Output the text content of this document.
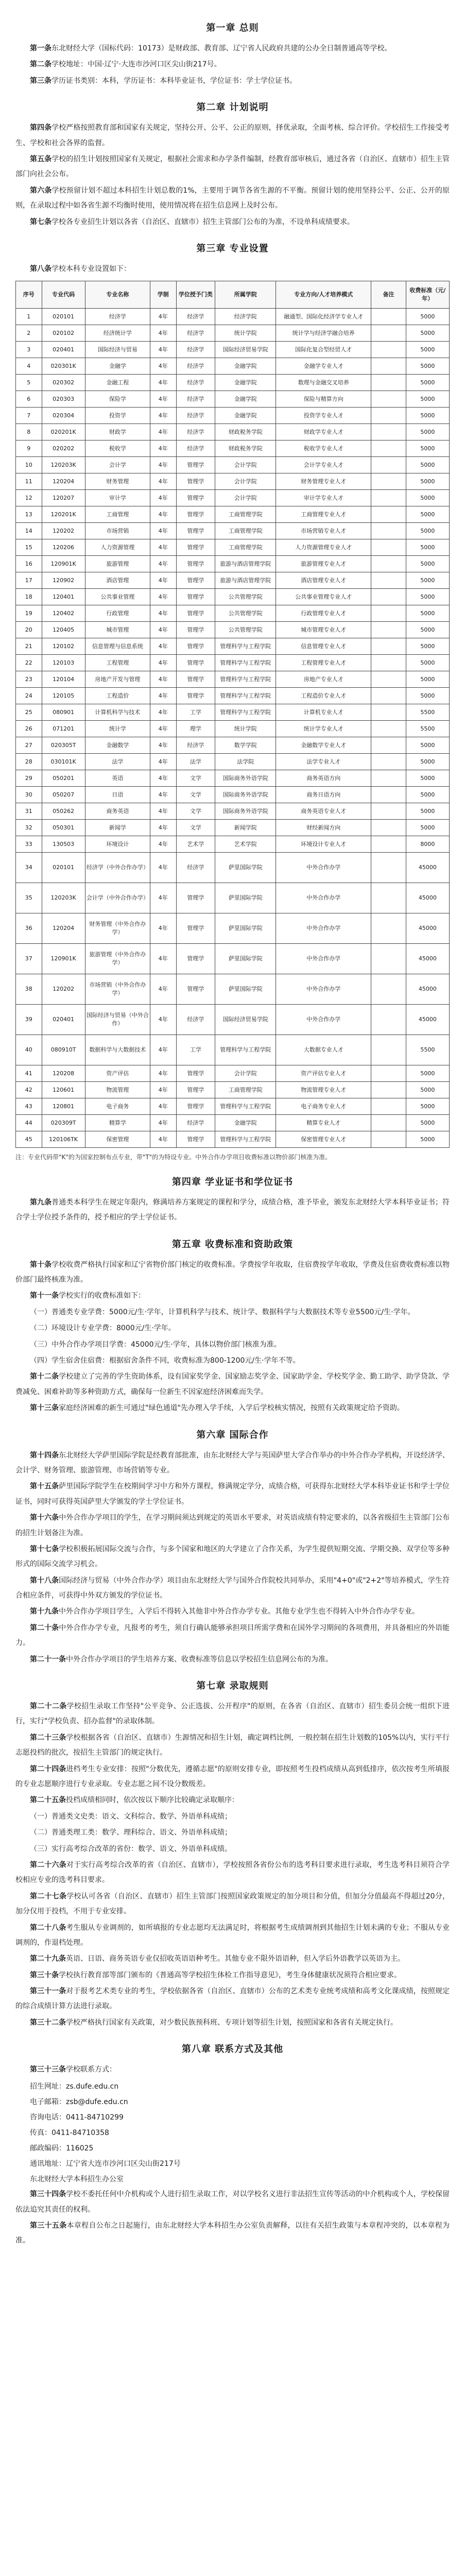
第一章 总则

第一条东北财经大学（国标代码：10173）是财政部、教育部、辽宁省人民政府共建的公办全日制普通高等学校。

第二条学校地址：中国·辽宁·大连市沙河口区尖山街217号。

第三条学历证书类别：本科，学历证书：本科毕业证书，学位证书：学士学位证书。

第二章 计划说明

第四条学校严格按照教育部和国家有关规定，坚持公开、公平、公正的原则，择优录取，全面考核、综合评价。学校招生工作接受考生、学校和社会各界的监督。

第五条学校的招生计划按照国家有关规定，根据社会需求和办学条件编制，经教育部审核后，通过各省（自治区、直辖市）招生主管部门向社会公布。

第六条学校预留计划不超过本科招生计划总数的1%，主要用于调节各省生源的不平衡。预留计划的使用坚持公平、公正、公开的原则，在录取过程中如各省生源不均衡时使用，使用情况将在招生信息网上及时公布。

第七条学校各专业招生计划以各省（自治区、直辖市）招生主管部门公布的为准，不设单科成绩要求。

第三章 专业设置

第八条学校本科专业设置如下：

序号	专业代码	专业名称	学制	学位授予门类	所属学院	专业方向/人才培养模式	备注	收费标准（元/年）
1	020101	经济学	4年	经济学	经济学院	融通型、国际化经济学专业人才		5000
2	020102	经济统计学	4年	经济学	统计学院	统计学与经济学融合培养		5000
3	020401	国际经济与贸易	4年	经济学	国际经济贸易学院	国际化复合型经贸人才		5000
4	020301K	金融学	4年	经济学	金融学院	金融学专业人才		5000
5	020302	金融工程	4年	经济学	金融学院	数理与金融交叉培养		5000
6	020303	保险学	4年	经济学	金融学院	保险与精算方向		5000
7	020304	投资学	4年	经济学	金融学院	投资学专业人才		5000
8	020201K	财政学	4年	经济学	财政税务学院	财政学专业人才		5000
9	020202	税收学	4年	经济学	财政税务学院	税收学专业人才		5000
10	120203K	会计学	4年	管理学	会计学院	会计学专业人才		5000
11	120204	财务管理	4年	管理学	会计学院	财务管理专业人才		5000
12	120207	审计学	4年	管理学	会计学院	审计学专业人才		5000
13	120201K	工商管理	4年	管理学	工商管理学院	工商管理专业人才		5000
14	120202	市场营销	4年	管理学	工商管理学院	市场营销专业人才		5000
15	120206	人力资源管理	4年	管理学	工商管理学院	人力资源管理专业人才		5000
16	120901K	旅游管理	4年	管理学	旅游与酒店管理学院	旅游管理专业人才		5000
17	120902	酒店管理	4年	管理学	旅游与酒店管理学院	酒店管理专业人才		5000
18	120401	公共事业管理	4年	管理学	公共管理学院	公共事业管理专业人才		5000
19	120402	行政管理	4年	管理学	公共管理学院	行政管理专业人才		5000
20	120405	城市管理	4年	管理学	公共管理学院	城市管理专业人才		5000
21	120102	信息管理与信息系统	4年	管理学	管理科学与工程学院	信息管理专业人才		5000
22	120103	工程管理	4年	管理学	管理科学与工程学院	工程管理专业人才		5000
23	120104	房地产开发与管理	4年	管理学	管理科学与工程学院	房地产专业人才		5000
24	120105	工程造价	4年	管理学	管理科学与工程学院	工程造价专业人才		5000
25	080901	计算机科学与技术	4年	工学	管理科学与工程学院	计算机专业人才		5500
26	071201	统计学	4年	理学	统计学院	统计学专业人才		5500
27	020305T	金融数学	4年	经济学	数学学院	金融数学专业人才		5000
28	030101K	法学	4年	法学	法学院	法学专业人才		5000
29	050201	英语	4年	文学	国际商务外语学院	商务英语方向		5000
30	050207	日语	4年	文学	国际商务外语学院	商务日语方向		5000
31	050262	商务英语	4年	文学	国际商务外语学院	商务英语专业人才		5000
32	050301	新闻学	4年	文学	新闻学院	财经新闻方向		5000
33	130503	环境设计	4年	艺术学	艺术学院	环境设计专业人才		8000
34	020101	经济学（中外合作办学）	4年	经济学	萨里国际学院	中外合作办学		45000
35	120203K	会计学（中外合作办学）	4年	管理学	萨里国际学院	中外合作办学		45000
36	120204	财务管理（中外合作办学）	4年	管理学	萨里国际学院	中外合作办学		45000
37	120901K	旅游管理（中外合作办学）	4年	管理学	萨里国际学院	中外合作办学		45000
38	120202	市场营销（中外合作办学）	4年	管理学	萨里国际学院	中外合作办学		45000
39	020401	国际经济与贸易（中外合作）	4年	经济学	国际经济贸易学院	中外合作办学		45000
40	080910T	数据科学与大数据技术	4年	工学	管理科学与工程学院	大数据专业人才		5500
41	120208	资产评估	4年	管理学	会计学院	资产评估专业人才		5000
42	120601	物流管理	4年	管理学	工商管理学院	物流管理专业人才		5000
43	120801	电子商务	4年	管理学	管理科学与工程学院	电子商务专业人才		5000
44	020309T	精算学	4年	经济学	金融学院	精算专业人才		5000
45	120106TK	保密管理	4年	管理学	管理科学与工程学院	保密管理专业人才		5000
注：专业代码带"K"的为国家控制布点专业，带"T"的为特设专业。中外合作办学项目收费标准以物价部门核准为准。
第四章 学业证书和学位证书

第九条普通类本科学生在规定年限内，修满培养方案规定的课程和学分，成绩合格，准予毕业，颁发东北财经大学本科毕业证书；符合学士学位授予条件的，授予相应的学士学位证书。

第五章 收费标准和资助政策

第十条学校收费严格执行国家和辽宁省物价部门核定的收费标准。学费按学年收取，住宿费按学年收取，学费及住宿费收费标准以物价部门最终核准为准。

第十一条学校实行的收费标准如下：

（一）普通类专业学费：5000元/生·学年，计算机科学与技术、统计学、数据科学与大数据技术等专业5500元/生·学年。

（二）环境设计专业学费：8000元/生·学年。

（三）中外合作办学项目学费：45000元/生·学年，具体以物价部门核准为准。

（四）学生宿舍住宿费：根据宿舍条件不同，收费标准为800-1200元/生·学年不等。

第十二条学校建立了完善的学生资助体系，设有国家奖学金、国家励志奖学金、国家助学金、学校奖学金、勤工助学、助学贷款、学费减免、困难补助等多种资助方式，确保每一位新生不因家庭经济困难而失学。

第十三条家庭经济困难的新生可通过"绿色通道"先办理入学手续，入学后学校核实情况，按照有关政策规定给予资助。

第六章 国际合作

第十四条东北财经大学萨里国际学院是经教育部批准，由东北财经大学与英国萨里大学合作举办的中外合作办学机构，开设经济学、会计学、财务管理、旅游管理、市场营销等专业。

第十五条萨里国际学院学生在校期间学习中方和外方课程，修满规定学分，成绩合格，可获得东北财经大学本科毕业证书和学士学位证书，同时可获得英国萨里大学颁发的学士学位证书。

第十六条中外合作办学项目的学生，在学习期间须达到规定的英语水平要求，对英语成绩有特定要求的，以各省级招生主管部门公布的招生计划备注为准。

第十七条学校积极拓展国际交流与合作，与多个国家和地区的大学建立了合作关系，为学生提供短期交流、学期交换、双学位等多种形式的国际交流学习机会。

第十八条国际经济与贸易（中外合作办学）项目由东北财经大学与国外合作院校共同举办，采用"4+0"或"2+2"等培养模式，学生符合相应条件，可获得中外双方颁发的学位证书。

第十九条中外合作办学项目学生，入学后不得转入其他非中外合作办学专业。其他专业学生也不得转入中外合作办学专业。

第二十条中外合作办学专业，凡报考的考生，须自行确认能够承担项目所需学费和在国外学习期间的各项费用，并具备相应的外语能力。

第二十一条中外合作办学项目的学生培养方案、收费标准等信息以学校招生信息网公布的为准。

第七章 录取规则

第二十二条学校招生录取工作坚持"公平竞争、公正选拔、公开程序"的原则，在各省（自治区、直辖市）招生委员会统一组织下进行，实行"学校负责、招办监督"的录取体制。

第二十三条学校根据各省（自治区、直辖市）生源情况和招生计划，确定调档比例，一般控制在招生计划数的105%以内，实行平行志愿投档的批次，按招生主管部门的规定执行。

第二十四条进档考生专业安排：按照"分数优先，遵循志愿"的原则安排专业，即按照考生投档成绩从高到低排序，依次按考生所填报的专业志愿顺序进行专业录取。专业志愿之间不设分数级差。

第二十五条投档成绩相同时，依次按以下顺序比较确定录取顺序：

（一）普通类文史类：语文、文科综合、数学、外语单科成绩；

（二）普通类理工类：数学、理科综合、语文、外语单科成绩；

（三）实行高考综合改革的省份：数学、语文、外语单科成绩。

第二十六条对于实行高考综合改革的省（自治区、直辖市），学校按照各省份公布的选考科目要求进行录取，考生选考科目须符合学校相应专业的选考科目要求。

第二十七条学校认可各省（自治区、直辖市）招生主管部门按照国家政策规定的加分项目和分值，但加分分值最高不得超过20分，加分仅用于投档，不用于专业安排。

第二十八条考生服从专业调剂的，如所填报的专业志愿均无法满足时，将根据考生成绩调剂到其他招生计划未满的专业；不服从专业调剂的，作退档处理。

第二十九条英语、日语、商务英语专业仅招收英语语种考生。其他专业不限外语语种，但入学后外语教学以英语为主。

第三十条学校执行教育部等部门颁布的《普通高等学校招生体检工作指导意见》，考生身体健康状况须符合相应要求。

第三十一条对于报考艺术类专业的考生，学校依据各省（自治区、直辖市）公布的艺术类专业统考成绩和高考文化课成绩，按照规定的综合成绩计算方法进行录取。

第三十二条学校严格执行国家有关政策，对少数民族预科班、专项计划等招生计划，按照国家和各省有关规定执行。

第八章 联系方式及其他

第三十三条学校联系方式：

招生网址：zs.dufe.edu.cn
电子邮箱：zsb@dufe.edu.cn
咨询电话：0411-84710299
传真：0411-84710358
邮政编码：116025
通讯地址：辽宁省大连市沙河口区尖山街217号
东北财经大学本科招生办公室

第三十四条学校不委托任何中介机构或个人进行招生录取工作，对以学校名义进行非法招生宣传等活动的中介机构或个人，学校保留依法追究其责任的权利。

第三十五条本章程自公布之日起施行，由东北财经大学本科招生办公室负责解释，以往有关招生政策与本章程冲突的，以本章程为准。
